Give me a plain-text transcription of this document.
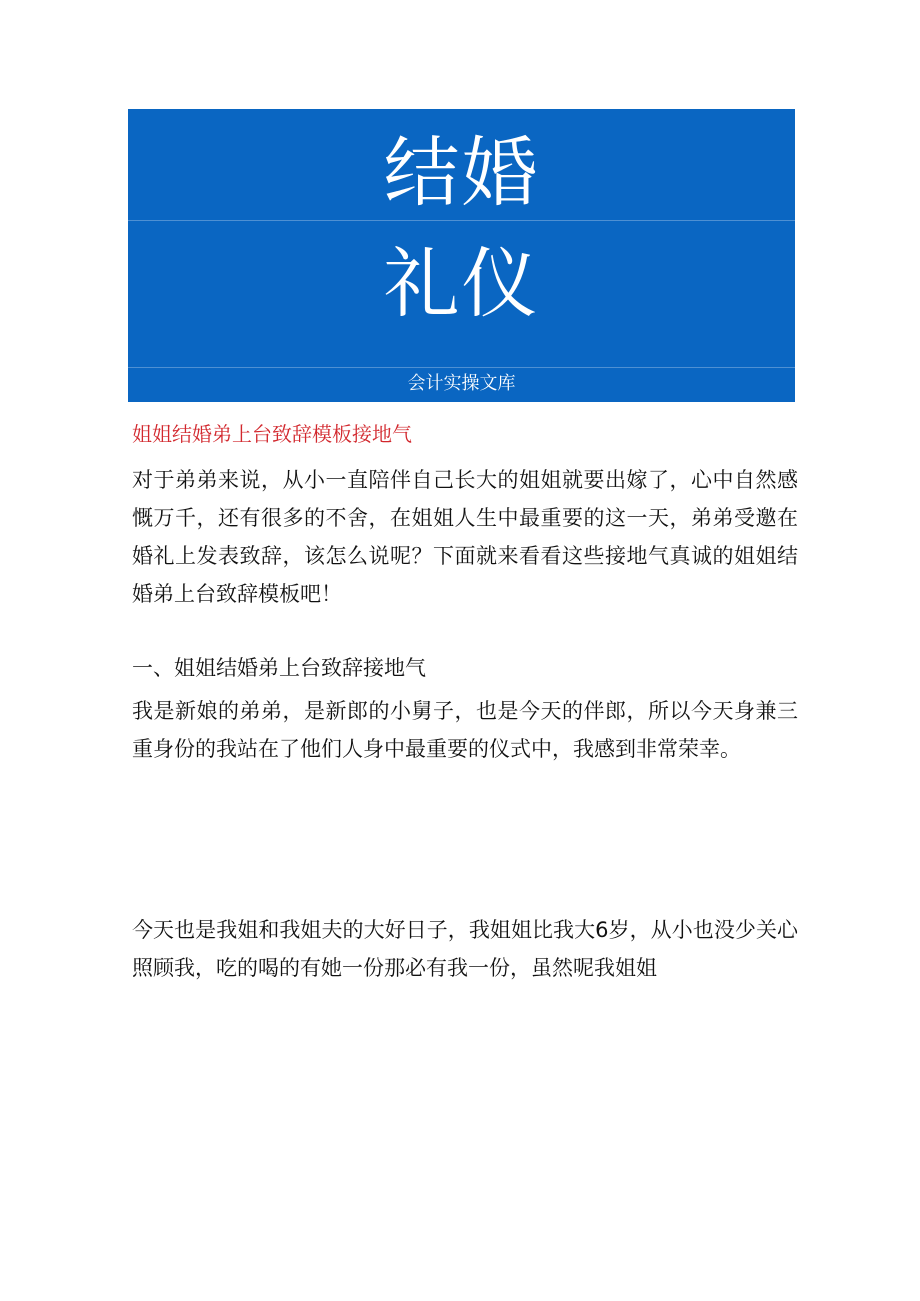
结婚
礼仪
会计实操文库
姐姐结婚弟上台致辞模板接地气

对于弟弟来说，从小一直陪伴自己长大的姐姐就要出嫁了，心中自然感慨万千，还有很多的不舍，在姐姐人生中最重要的这一天，弟弟受邀在婚礼上发表致辞，该怎么说呢？下面就来看看这些接地气真诚的姐姐结婚弟上台致辞模板吧！

一、姐姐结婚弟上台致辞接地气

我是新娘的弟弟，是新郎的小舅子，也是今天的伴郎，所以今天身兼三重身份的我站在了他们人身中最重要的仪式中，我感到非常荣幸。

今天也是我姐和我姐夫的大好日子，我姐姐比我大6岁，从小也没少关心照顾我，吃的喝的有她一份那必有我一份，虽然呢我姐姐
